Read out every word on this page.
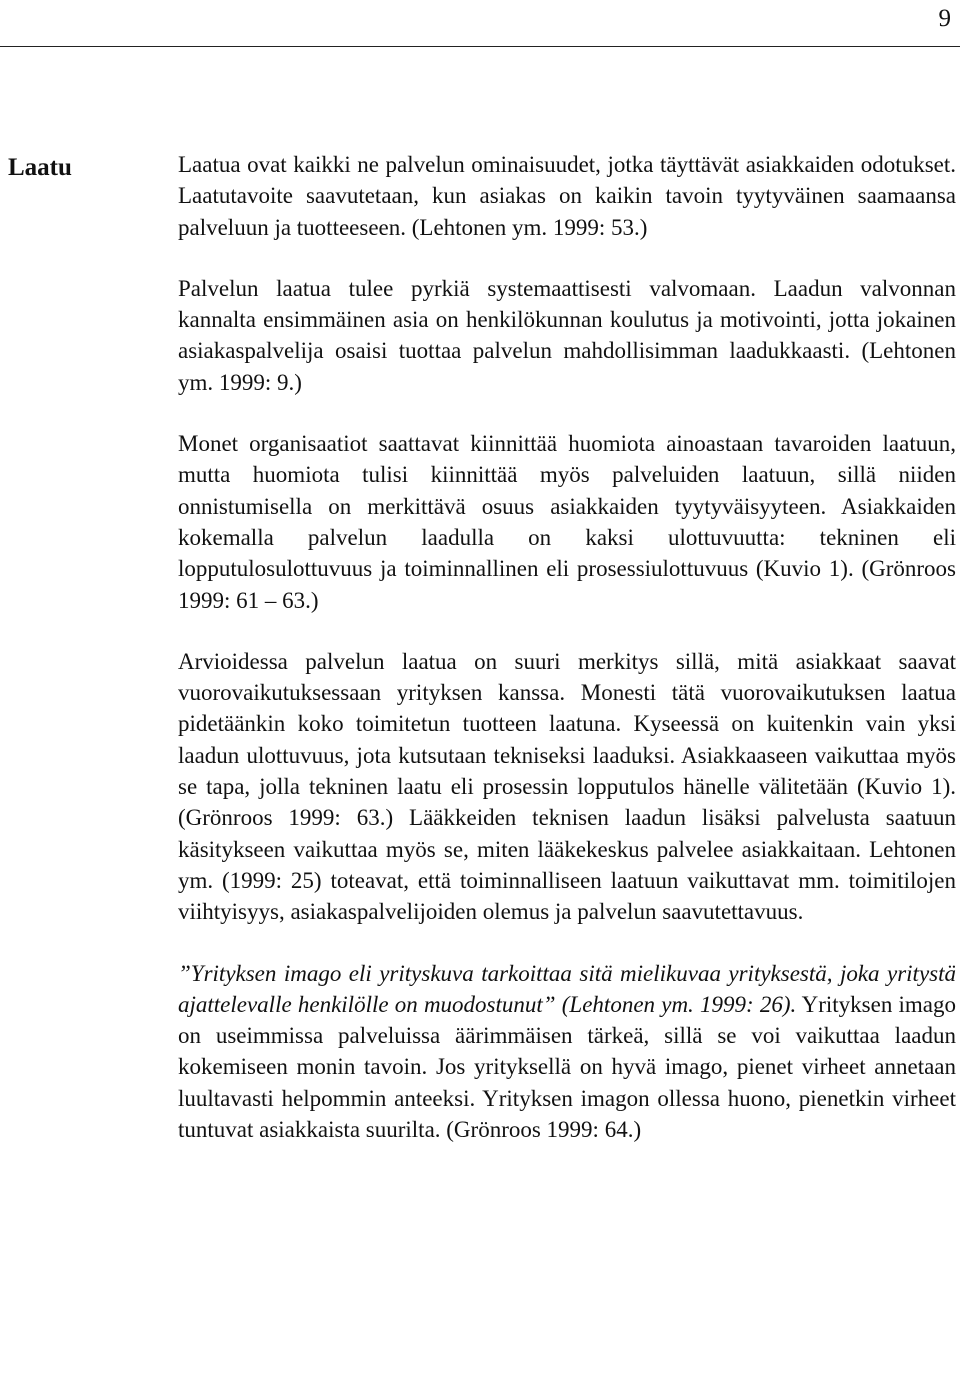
9
Laatu	Laatua ovat kaikki ne palvelun ominaisuudet, jotka täyttävät asiakkaiden odotukset. Laatutavoite saavutetaan, kun asiakas on kaikin tavoin tyytyväinen saamaansa palveluun ja tuotteeseen. (Lehtonen ym. 1999: 53.)

Palvelun laatua tulee pyrkiä systemaattisesti valvomaan. Laadun valvonnan kannalta ensimmäinen asia on henkilökunnan koulutus ja motivointi, jotta jokainen asiakaspalvelija osaisi tuottaa palvelun mahdollisimman laadukkaasti. (Lehtonen ym. 1999: 9.)

Monet organisaatiot saattavat kiinnittää huomiota ainoastaan tavaroiden laatuun, mutta huomiota tulisi kiinnittää myös palveluiden laatuun, sillä niiden onnistumisella on merkittävä osuus asiakkaiden tyytyväisyyteen. Asiakkaiden kokemalla palvelun laadulla on kaksi ulottuvuutta: tekninen eli lopputulosulottuvuus ja toiminnallinen eli prosessiulottuvuus (Kuvio 1). (Grönroos 1999: 61 – 63.)

Arvioidessa palvelun laatua on suuri merkitys sillä, mitä asiakkaat saavat vuorovaikutuksessaan yrityksen kanssa. Monesti tätä vuorovaikutuksen laatua pidetäänkin koko toimitetun tuotteen laatuna. Kyseessä on kuitenkin vain yksi laadun ulottuvuus, jota kutsutaan tekniseksi laaduksi. Asiakkaaseen vaikuttaa myös se tapa, jolla tekninen laatu eli prosessin lopputulos hänelle välitetään (Kuvio 1). (Grönroos 1999: 63.) Lääkkeiden teknisen laadun lisäksi palvelusta saatuun käsitykseen vaikuttaa myös se, miten lääkekeskus palvelee asiakkaitaan. Lehtonen ym. (1999: 25) toteavat, että toiminnalliseen laatuun vaikuttavat mm. toimitilojen viihtyisyys, asiakaspalvelijoiden olemus ja palvelun saavutettavuus.

”Yrityksen imago eli yrityskuva tarkoittaa sitä mielikuvaa yrityksestä, joka yritystä ajattelevalle henkilölle on muodostunut” (Lehtonen ym. 1999: 26). Yrityksen imago on useimmissa palveluissa äärimmäisen tärkeä, sillä se voi vaikuttaa laadun kokemiseen monin tavoin. Jos yrityksellä on hyvä imago, pienet virheet annetaan luultavasti helpommin anteeksi. Yrityksen imagon ollessa huono, pienetkin virheet tuntuvat asiakkaista suurilta. (Grönroos 1999: 64.)
